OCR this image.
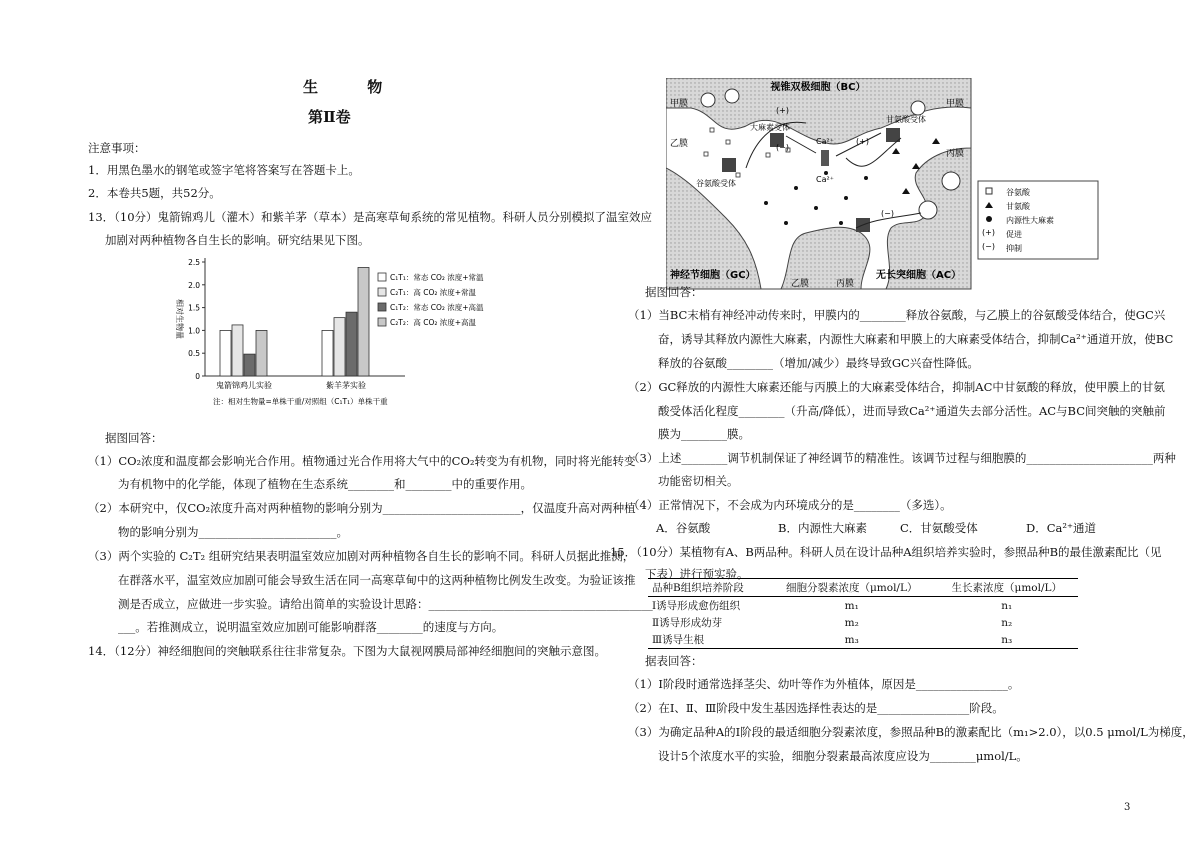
生 物
第Ⅱ卷
注意事项：
1．用黑色墨水的钢笔或签字笔将答案写在答题卡上。
2．本卷共5题，共52分。
13．（10分）鬼箭锦鸡儿（灌木）和紫羊茅（草本）是高寒草甸系统的常见植物。科研人员分别模拟了温室效应
加剧对两种植物各自生长的影响。研究结果见下图。
0
0.5
1.0
1.5
2.0
2.5
相对生物量
鬼箭锦鸡儿实验	紫羊茅实验
C₁T₁：常态 CO₂ 浓度+常温
C₂T₁：高 CO₂ 浓度+常温
C₁T₂：常态 CO₂ 浓度+高温
C₂T₂：高 CO₂ 浓度+高温
注：相对生物量=单株干重/对照组（C₁T₁）单株干重
据图回答：
（1）CO₂浓度和温度都会影响光合作用。植物通过光合作用将大气中的CO₂转变为有机物，同时将光能转变
为有机物中的化学能，体现了植物在生态系统________和________中的重要作用。
（2）本研究中，仅CO₂浓度升高对两种植物的影响分别为________________________，仅温度升高对两种植
物的影响分别为________________________。
（3）两个实验的 C₂T₂ 组研究结果表明温室效应加剧对两种植物各自生长的影响不同。科研人员据此推测，
在群落水平，温室效应加剧可能会导致生活在同一高寒草甸中的这两种植物比例发生改变。为验证该推
测是否成立，应做进一步实验。请给出简单的实验设计思路：_______________________________________
___。若推测成立，说明温室效应加剧可能影响群落________的速度与方向。
14．（12分）神经细胞间的突触联系往往非常复杂。下图为大鼠视网膜局部神经细胞间的突触示意图。
视锥双极细胞（BC）
神经节细胞（GC）	无长突细胞（AC）
甲膜	甲膜
乙膜
乙膜
丙膜
丙膜
大麻素受体
甘氨酸受体
谷氨酸受体
Ca²⁺
Ca²⁺
(+)
(−)
(+)
(−)
(+)
(−)
谷氨酸
甘氨酸
内源性大麻素
促进
抑制
据图回答：
（1）当BC末梢有神经冲动传来时，甲膜内的________释放谷氨酸，与乙膜上的谷氨酸受体结合，使GC兴
奋，诱导其释放内源性大麻素，内源性大麻素和甲膜上的大麻素受体结合，抑制Ca²⁺通道开放，使BC
释放的谷氨酸________（增加/减少）最终导致GC兴奋性降低。
（2）GC释放的内源性大麻素还能与丙膜上的大麻素受体结合，抑制AC中甘氨酸的释放，使甲膜上的甘氨
酸受体活化程度________（升高/降低），进而导致Ca²⁺通道失去部分活性。AC与BC间突触的突触前
膜为________膜。
（3）上述________调节机制保证了神经调节的精准性。该调节过程与细胞膜的______________________两种
功能密切相关。
（4）正常情况下，不会成为内环境成分的是________（多选）。
A．谷氨酸	B．内源性大麻素	C．甘氨酸受体	D．Ca²⁺通道
15．（10分）某植物有A、B两品种。科研人员在设计品种A组织培养实验时，参照品种B的最佳激素配比（见
下表）进行预实验。
品种B组织培养阶段	细胞分裂素浓度（μmol/L）	生长素浓度（μmol/L）
Ⅰ诱导形成愈伤组织	m₁	n₁
Ⅱ诱导形成幼芽	m₂	n₂
Ⅲ诱导生根	m₃	n₃
据表回答：
（1）Ⅰ阶段时通常选择茎尖、幼叶等作为外植体，原因是________________。
（2）在Ⅰ、Ⅱ、Ⅲ阶段中发生基因选择性表达的是________________阶段。
（3）为确定品种A的Ⅰ阶段的最适细胞分裂素浓度，参照品种B的激素配比（m₁>2.0），以0.5 μmol/L为梯度，
设计5个浓度水平的实验，细胞分裂素最高浓度应设为________μmol/L。
3
